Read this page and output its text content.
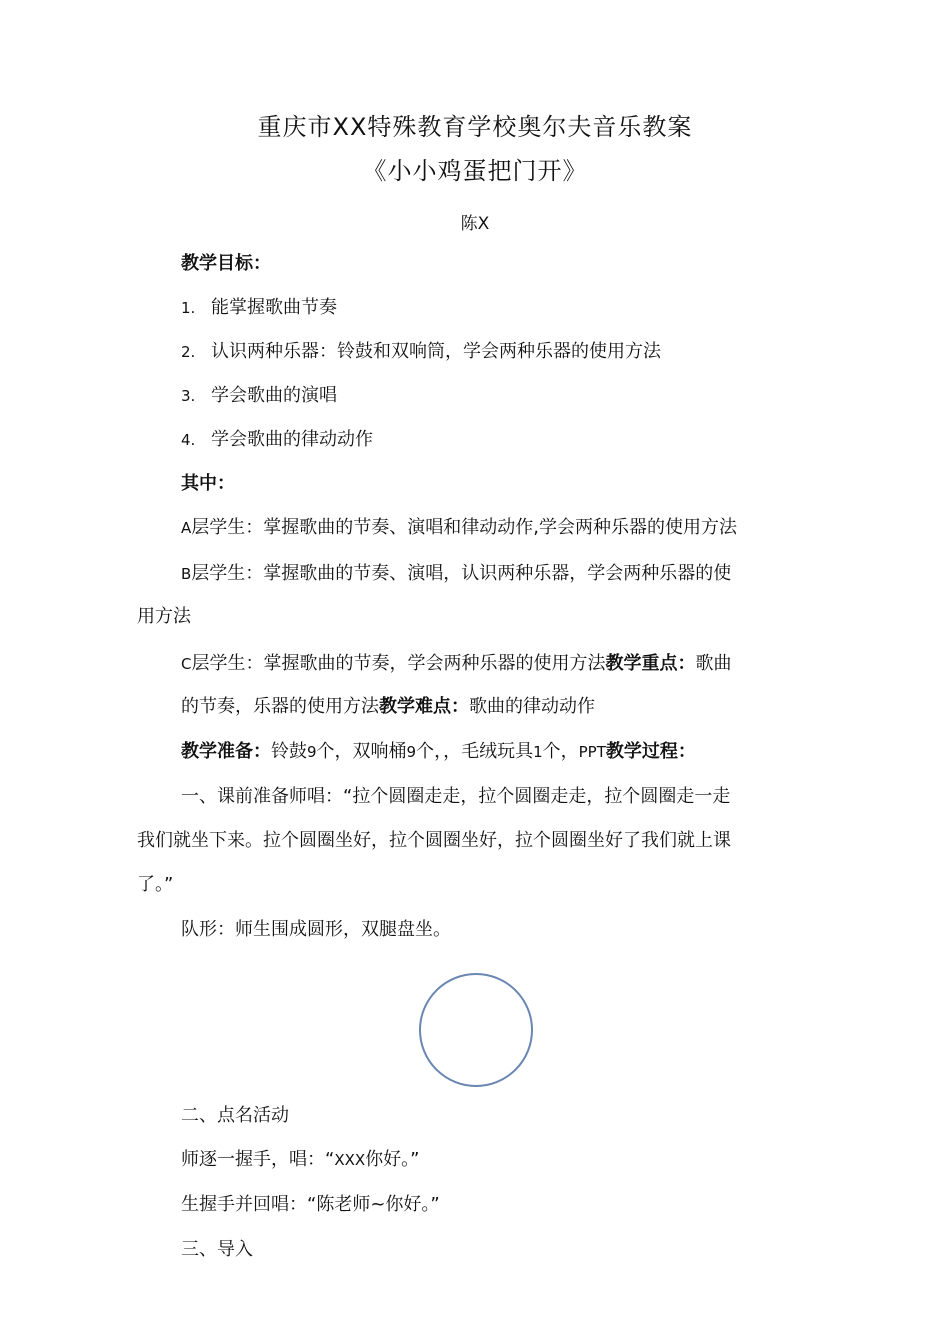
重庆市XX特殊教育学校奥尔夫音乐教案
《小小鸡蛋把门开》
陈X
教学目标：
1. 能掌握歌曲节奏
2. 认识两种乐器：铃鼓和双响筒，学会两种乐器的使用方法
3. 学会歌曲的演唱
4. 学会歌曲的律动动作
其中：
A层学生：掌握歌曲的节奏、演唱和律动动作,学会两种乐器的使用方法
B层学生：掌握歌曲的节奏、演唱，认识两种乐器，学会两种乐器的使
用方法
C层学生：掌握歌曲的节奏，学会两种乐器的使用方法教学重点：歌曲
的节奏，乐器的使用方法教学难点：歌曲的律动动作
教学准备：铃鼓9个，双响桶9个，，毛绒玩具1个，PPT教学过程：
一、课前准备师唱：“拉个圆圈走走，拉个圆圈走走，拉个圆圈走一走
我们就坐下来。拉个圆圈坐好，拉个圆圈坐好，拉个圆圈坐好了我们就上课
了。”
队形：师生围成圆形，双腿盘坐。
二、点名活动
师逐一握手，唱：“XXX你好。”
生握手并回唱：“陈老师~你好。”
三、导入
